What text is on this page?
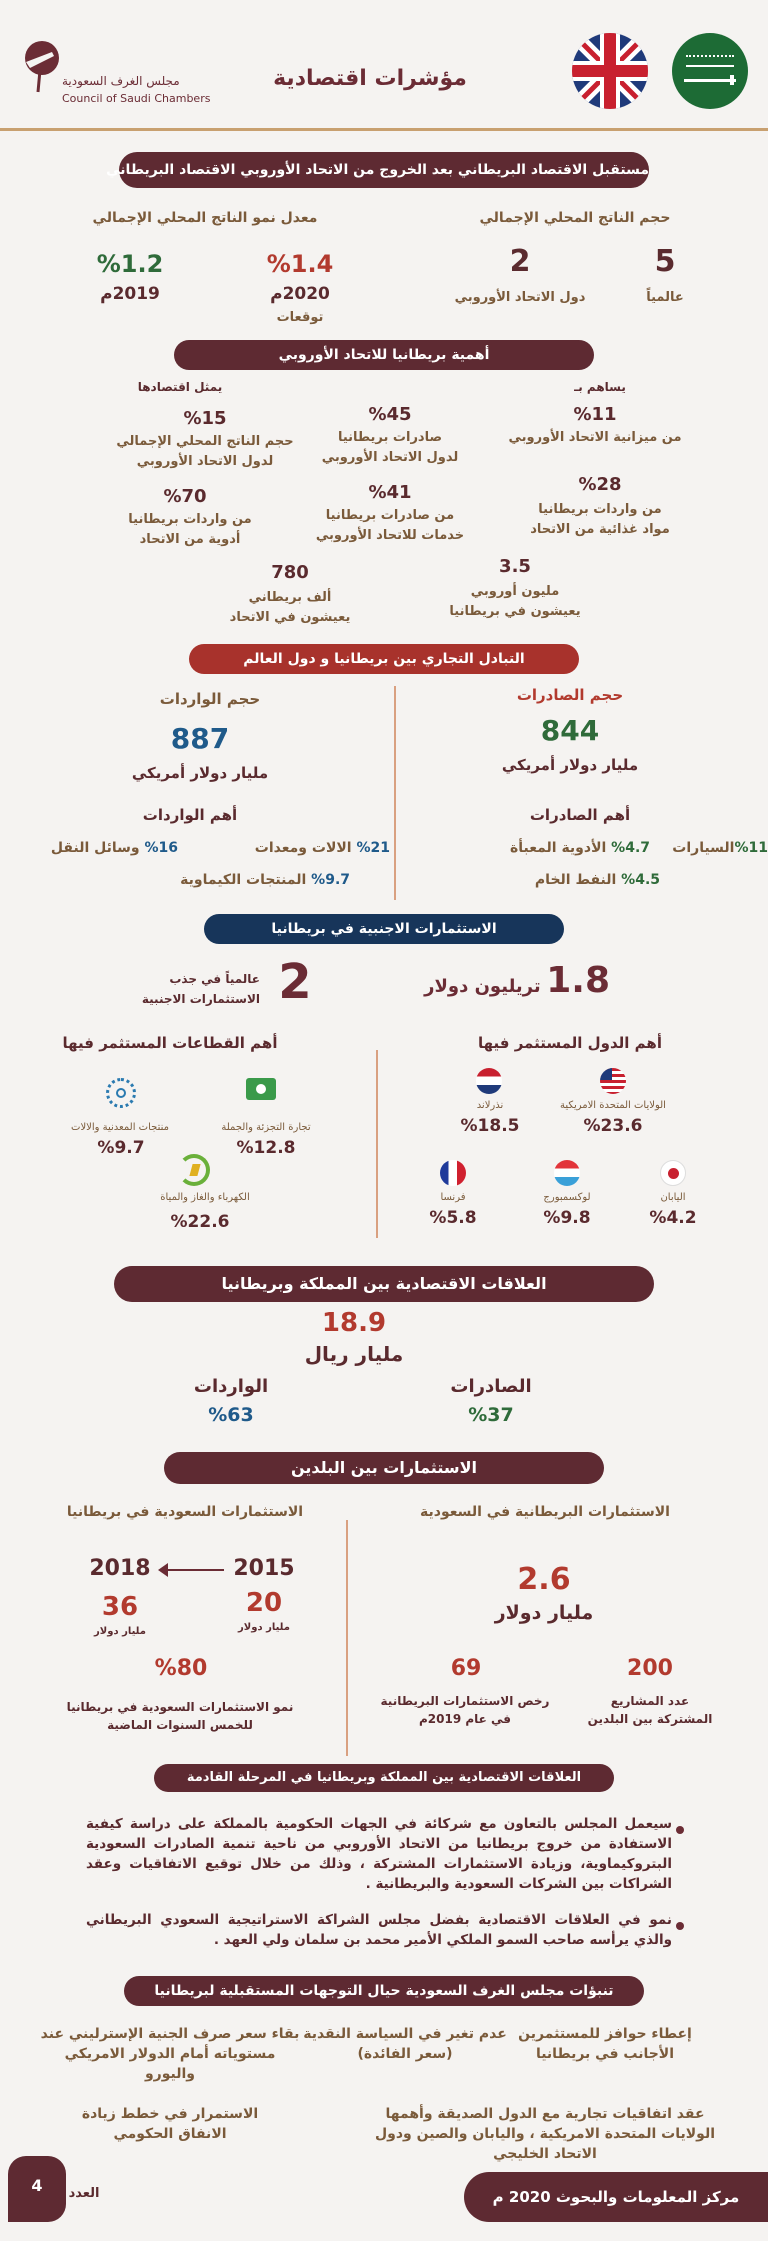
مؤشرات اقتصادية
مجلس الغرف السعودية
Council of Saudi Chambers
مستقبل الاقتصاد البريطاني بعد الخروج من الاتحاد الأوروبي الاقتصاد البريطاني
حجم الناتج المحلي الإجمالي
معدل نمو الناتج المحلي الإجمالي
5
عالمياً
2
دول الاتحاد الأوروبي
%1.4
2020م
توقعات
%1.2
2019م
أهمية بريطانيا للاتحاد الأوروبي
يساهم بـ
يمثل اقتصادها
%11
من ميزانية الاتحاد الأوروبي
%45
صادرات بريطانيا
لدول الاتحاد الأوروبي
%15
حجم الناتج المحلي الإجمالي
لدول الاتحاد الأوروبي
%28
من واردات بريطانيا
مواد غذائية من الاتحاد
%41
من صادرات بريطانيا
خدمات للاتحاد الأوروبي
%70
من واردات بريطانيا
أدوية من الاتحاد
3.5
مليون أوروبي
يعيشون في بريطانيا
780
ألف بريطاني
يعيشون في الاتحاد
التبادل التجاري بين بريطانيا و دول العالم
حجم الصادرات
844
مليار دولار أمريكي
حجم الواردات
887
مليار دولار أمريكي
أهم الصادرات
أهم الواردات
%11السيارات
%4.7 الأدوية المعبأة
%4.5 النفط الخام
%21 الالات ومعدات
%16 وسائل النقل
%9.7 المنتجات الكيماوية
الاستثمارات الاجنبية في بريطانيا
1.8 تريليون دولار
2
عالمياً في جذب
الاستثمارات الاجنبية
أهم الدول المستثمر فيها
أهم القطاعات المستثمر فيها
الولايات المتحدة الامريكية
%23.6
نذرلاند
%18.5
اليابان
%4.2
لوكسمبورج
%9.8
فرنسا
%5.8
تجارة التجزئة والجملة
%12.8
منتجات المعدنية والالات
%9.7
الكهرباء والغاز والمياة
%22.6
العلاقات الاقتصادية بين المملكة وبريطانيا
18.9
مليار ريال
الصادرات
%37
الواردات
%63
الاستثمارات بين البلدين
الاستثمارات البريطانية في السعودية
الاستثمارات السعودية في بريطانيا
2.6
مليار دولار
200
عدد المشاريع
المشتركة بين البلدين
69
رخص الاستثمارات البريطانية
في عام 2019م
2015
2018
20
مليار دولار
36
مليار دولار
%80
نمو الاستثمارات السعودية في بريطانيا
للخمس السنوات الماضية
العلاقات الاقتصادية بين المملكة وبريطانيا في المرحلة القادمة
سيعمل المجلس بالتعاون مع شركائة في الجهات الحكومية بالمملكة على دراسة كيفية الاستفادة من خروج بريطانيا من الاتحاد الأوروبي من ناحية تنمية الصادرات السعودية البتروكيماوية، وزيادة الاستثمارات المشتركة ، وذلك من خلال توقيع الاتفاقيات وعقد الشراكات بين الشركات السعودية والبريطانية .
نمو في العلاقات الاقتصادية بفضل مجلس الشراكة الاستراتيجية السعودي البريطاني والذي يرأسه صاحب السمو الملكي الأمير محمد بن سلمان ولي العهد .
تنبؤات مجلس الغرف السعودية حيال التوجهات المستقبلية لبريطانيا
إعطاء حوافز للمستثمرين الأجانب في بريطانيا
عدم تغير في السياسة النقدية (سعر الفائدة)
بقاء سعر صرف الجنية الإسترليني عند مستوياته أمام الدولار الامريكي واليورو
عقد اتفاقيات تجارية مع الدول الصديقة وأهمها الولايات المتحدة الامريكية ، واليابان والصين ودول الاتحاد الخليجي
الاستمرار في خطط زيادة الانفاق الحكومي
4	العدد	مركز المعلومات والبحوث 2020 م
